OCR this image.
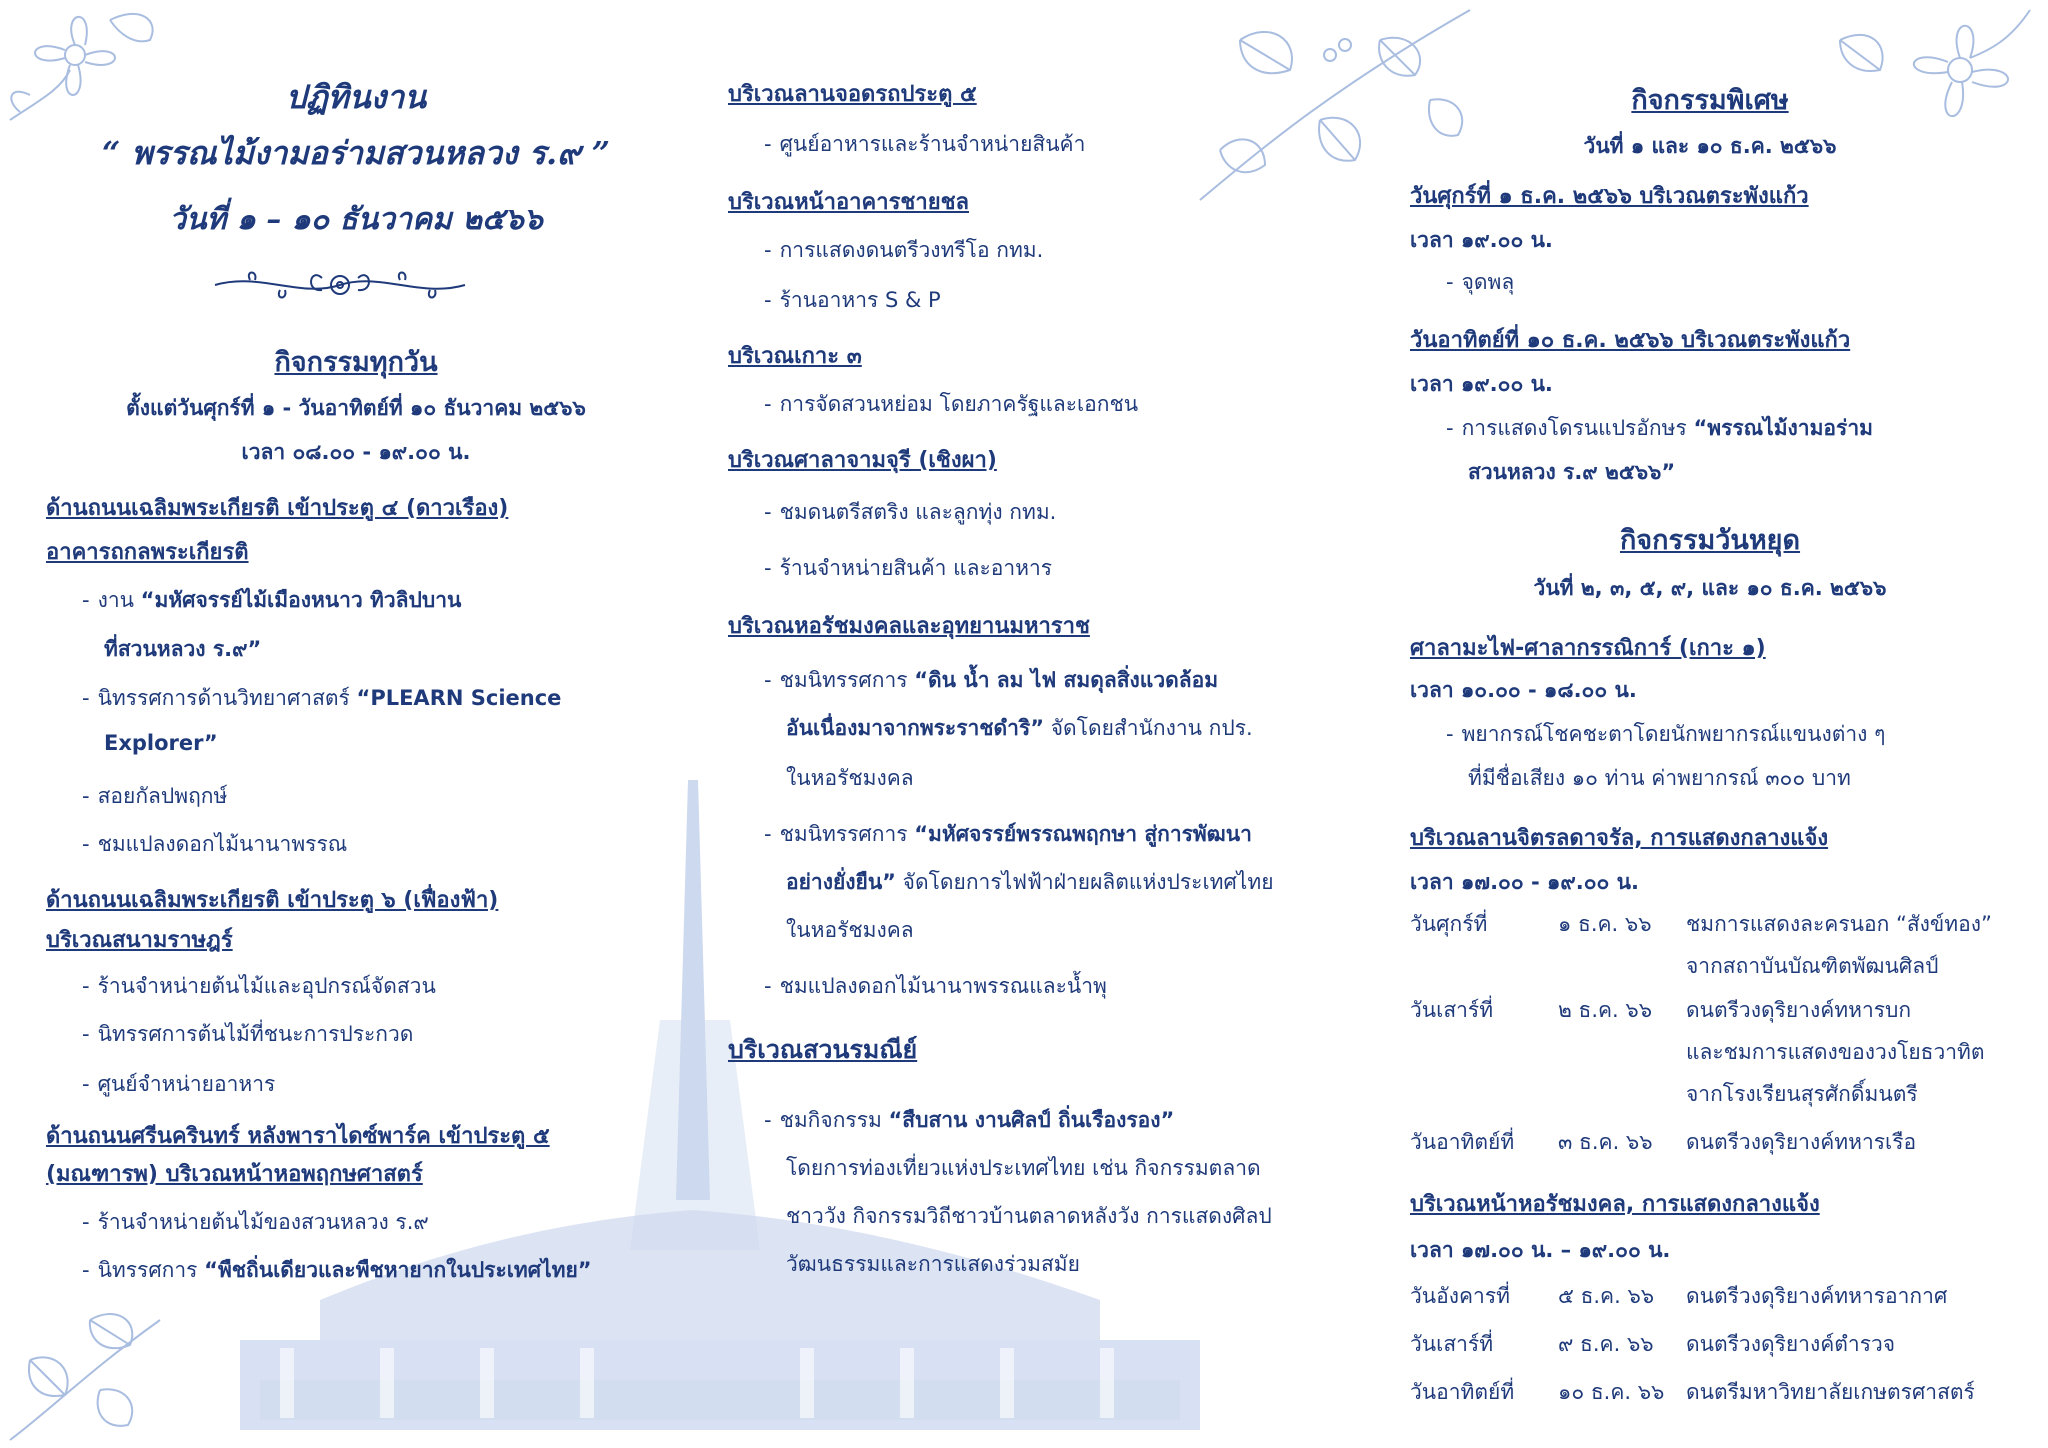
ปฏิทินงาน

“ พรรณไม้งามอร่ามสวนหลวง ร.๙ ”

วันที่ ๑ – ๑๐ ธันวาคม ๒๕๖๖

กิจกรรมทุกวัน

ตั้งแต่วันศุกร์ที่ ๑ - วันอาทิตย์ที่ ๑๐ ธันวาคม ๒๕๖๖

เวลา ๐๘.๐๐ - ๑๙.๐๐ น.

ด้านถนนเฉลิมพระเกียรติ เข้าประตู ๔ (ดาวเรือง)

อาคารถกลพระเกียรติ

- งาน “มหัศจรรย์ไม้เมืองหนาว ทิวลิปบาน

ที่สวนหลวง ร.๙”

- นิทรรศการด้านวิทยาศาสตร์ “PLEARN Science

Explorer”

- สอยกัลปพฤกษ์

- ชมแปลงดอกไม้นานาพรรณ

ด้านถนนเฉลิมพระเกียรติ เข้าประตู ๖ (เฟื่องฟ้า)

บริเวณสนามราษฎร์

- ร้านจำหน่ายต้นไม้และอุปกรณ์จัดสวน

- นิทรรศการต้นไม้ที่ชนะการประกวด

- ศูนย์จำหน่ายอาหาร

ด้านถนนศรีนครินทร์ หลังพาราไดซ์พาร์ค เข้าประตู ๕

(มณฑารพ) บริเวณหน้าหอพฤกษศาสตร์

- ร้านจำหน่ายต้นไม้ของสวนหลวง ร.๙

- นิทรรศการ “พืชถิ่นเดียวและพืชหายากในประเทศไทย”

บริเวณลานจอดรถประตู ๕

- ศูนย์อาหารและร้านจำหน่ายสินค้า

บริเวณหน้าอาคารชายชล

- การแสดงดนตรีวงทรีโอ กทม.

- ร้านอาหาร S & P

บริเวณเกาะ ๓

- การจัดสวนหย่อม โดยภาครัฐและเอกชน

บริเวณศาลาจามจุรี (เชิงผา)

- ชมดนตรีสตริง และลูกทุ่ง กทม.

- ร้านจำหน่ายสินค้า และอาหาร

บริเวณหอรัชมงคลและอุทยานมหาราช

- ชมนิทรรศการ “ดิน น้ำ ลม ไฟ สมดุลสิ่งแวดล้อม

อันเนื่องมาจากพระราชดำริ” จัดโดยสำนักงาน กปร.

ในหอรัชมงคล

- ชมนิทรรศการ “มหัศจรรย์พรรณพฤกษา สู่การพัฒนา

อย่างยั่งยืน” จัดโดยการไฟฟ้าฝ่ายผลิตแห่งประเทศไทย

ในหอรัชมงคล

- ชมแปลงดอกไม้นานาพรรณและน้ำพุ

บริเวณสวนรมณีย์

- ชมกิจกรรม “สืบสาน งานศิลป์ ถิ่นเรืองรอง”

โดยการท่องเที่ยวแห่งประเทศไทย เช่น กิจกรรมตลาด

ชาววัง กิจกรรมวิถีชาวบ้านตลาดหลังวัง การแสดงศิลป

วัฒนธรรมและการแสดงร่วมสมัย

กิจกรรมพิเศษ

วันที่ ๑ และ ๑๐ ธ.ค. ๒๕๖๖

วันศุกร์ที่ ๑ ธ.ค. ๒๕๖๖ บริเวณตระพังแก้ว

เวลา ๑๙.๐๐ น.

- จุดพลุ

วันอาทิตย์ที่ ๑๐ ธ.ค. ๒๕๖๖ บริเวณตระพังแก้ว

เวลา ๑๙.๐๐ น.

- การแสดงโดรนแปรอักษร “พรรณไม้งามอร่าม

สวนหลวง ร.๙ ๒๕๖๖”

กิจกรรมวันหยุด

วันที่ ๒, ๓, ๕, ๙, และ ๑๐ ธ.ค. ๒๕๖๖

ศาลามะไฟ-ศาลากรรณิการ์ (เกาะ ๑)

เวลา ๑๐.๐๐ - ๑๘.๐๐ น.

- พยากรณ์โชคชะตาโดยนักพยากรณ์แขนงต่าง ๆ

ที่มีชื่อเสียง ๑๐ ท่าน ค่าพยากรณ์ ๓๐๐ บาท

บริเวณลานจิตรลดาจรัล, การแสดงกลางแจ้ง

เวลา ๑๗.๐๐ - ๑๙.๐๐ น.

วันศุกร์ที่	๑ ธ.ค. ๖๖ ชมการแสดงละครนอก “สังข์ทอง”

จากสถาบันบัณฑิตพัฒนศิลป์

วันเสาร์ที่	๒ ธ.ค. ๖๖ ดนตรีวงดุริยางค์ทหารบก

และชมการแสดงของวงโยธวาทิต

จากโรงเรียนสุรศักดิ์มนตรี

วันอาทิตย์ที่ ๓ ธ.ค. ๖๖ ดนตรีวงดุริยางค์ทหารเรือ

บริเวณหน้าหอรัชมงคล, การแสดงกลางแจ้ง

เวลา ๑๗.๐๐ น. – ๑๙.๐๐ น.

วันอังคารที่ ๕ ธ.ค. ๖๖ ดนตรีวงดุริยางค์ทหารอากาศ

วันเสาร์ที่	๙ ธ.ค. ๖๖ ดนตรีวงดุริยางค์ตำรวจ

วันอาทิตย์ที่ ๑๐ ธ.ค. ๖๖ ดนตรีมหาวิทยาลัยเกษตรศาสตร์
